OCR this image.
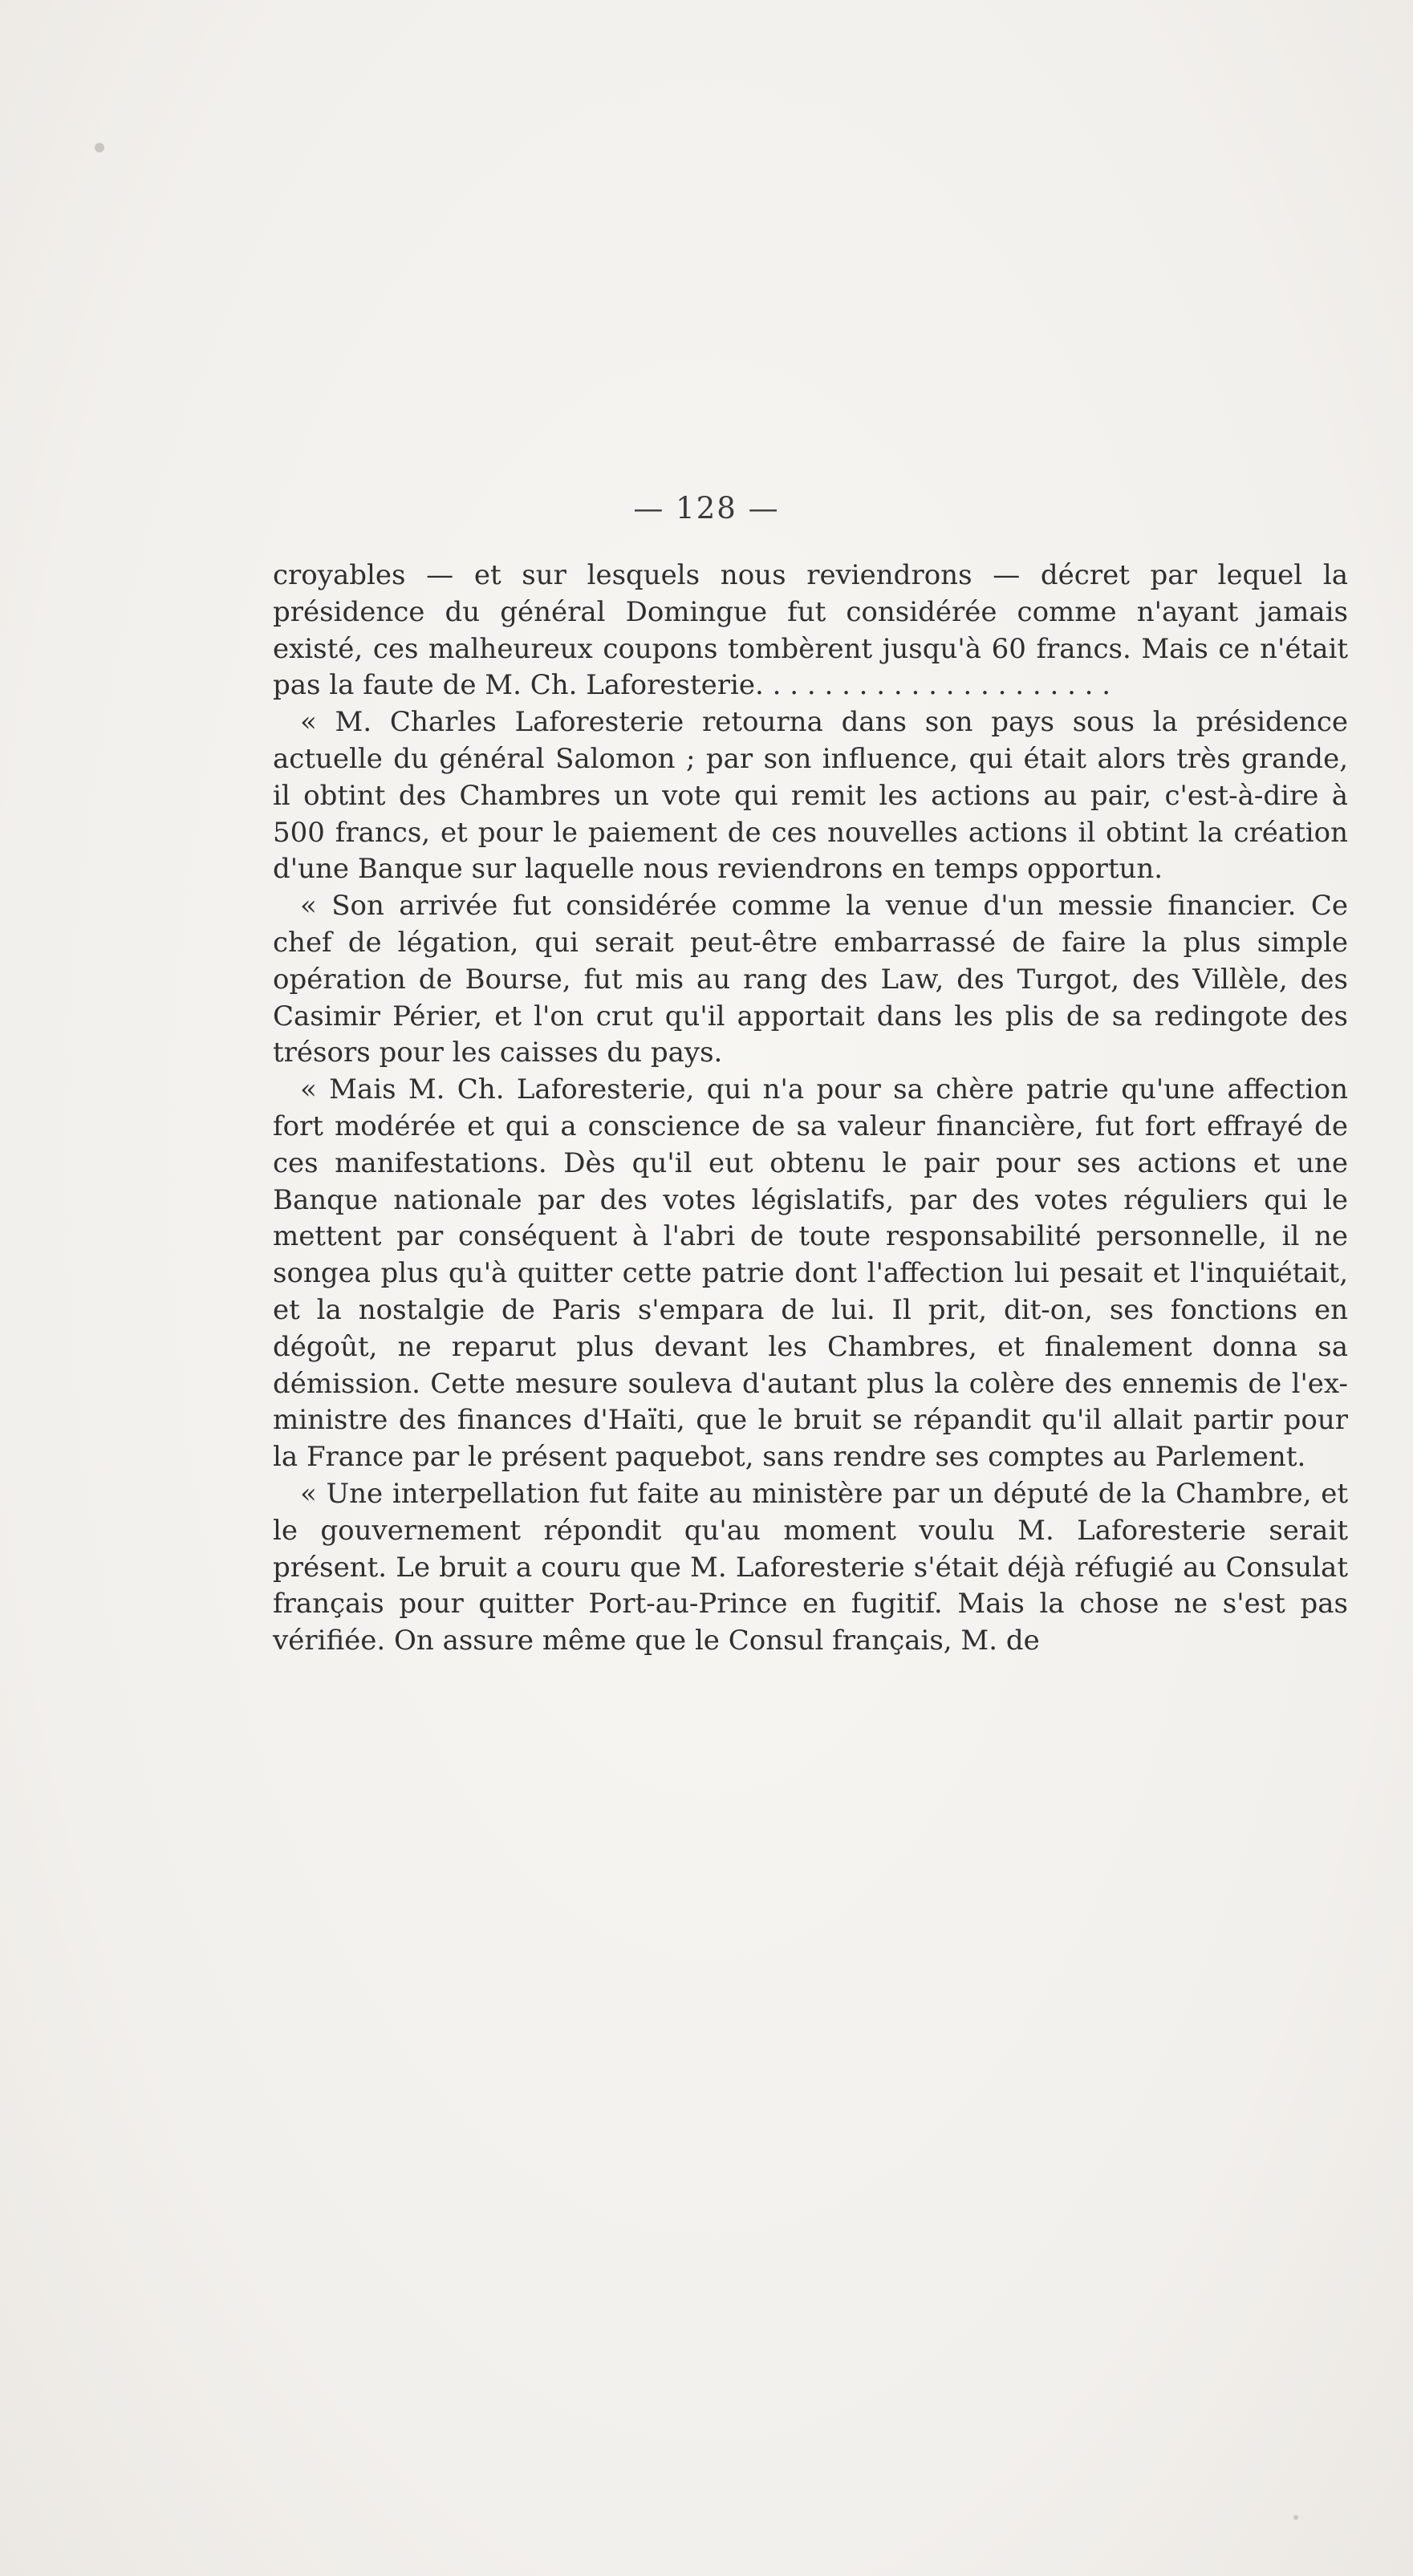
— 128 —

croyables — et sur lesquels nous reviendrons — décret par lequel la présidence du général Domingue fut considérée comme n'ayant jamais existé, ces malheureux coupons tombèrent jusqu'à 60 francs. Mais ce n'était pas la faute de M. Ch. Laforesterie. . . . . . . . . . . . . . . . . . . . .

« M. Charles Laforesterie retourna dans son pays sous la présidence actuelle du général Salomon ; par son influence, qui était alors très grande, il obtint des Chambres un vote qui remit les actions au pair, c'est-à-dire à 500 francs, et pour le paiement de ces nouvelles actions il obtint la création d'une Banque sur laquelle nous reviendrons en temps opportun.

« Son arrivée fut considérée comme la venue d'un messie financier. Ce chef de légation, qui serait peut-être embarrassé de faire la plus simple opération de Bourse, fut mis au rang des Law, des Turgot, des Villèle, des Casimir Périer, et l'on crut qu'il apportait dans les plis de sa redingote des trésors pour les caisses du pays.

« Mais M. Ch. Laforesterie, qui n'a pour sa chère patrie qu'une affection fort modérée et qui a conscience de sa valeur financière, fut fort effrayé de ces manifestations. Dès qu'il eut obtenu le pair pour ses actions et une Banque nationale par des votes législatifs, par des votes réguliers qui le mettent par conséquent à l'abri de toute responsabilité personnelle, il ne songea plus qu'à quitter cette patrie dont l'affection lui pesait et l'inquiétait, et la nostalgie de Paris s'empara de lui. Il prit, dit-on, ses fonctions en dégoût, ne reparut plus devant les Chambres, et finalement donna sa démission. Cette mesure souleva d'autant plus la colère des ennemis de l'ex-ministre des finances d'Haïti, que le bruit se répandit qu'il allait partir pour la France par le présent paquebot, sans rendre ses comptes au Parlement.

« Une interpellation fut faite au ministère par un député de la Chambre, et le gouvernement répondit qu'au moment voulu M. Laforesterie serait présent. Le bruit a couru que M. Laforesterie s'était déjà réfugié au Consulat français pour quitter Port-au-Prince en fugitif. Mais la chose ne s'est pas vérifiée. On assure même que le Consul français, M. de
